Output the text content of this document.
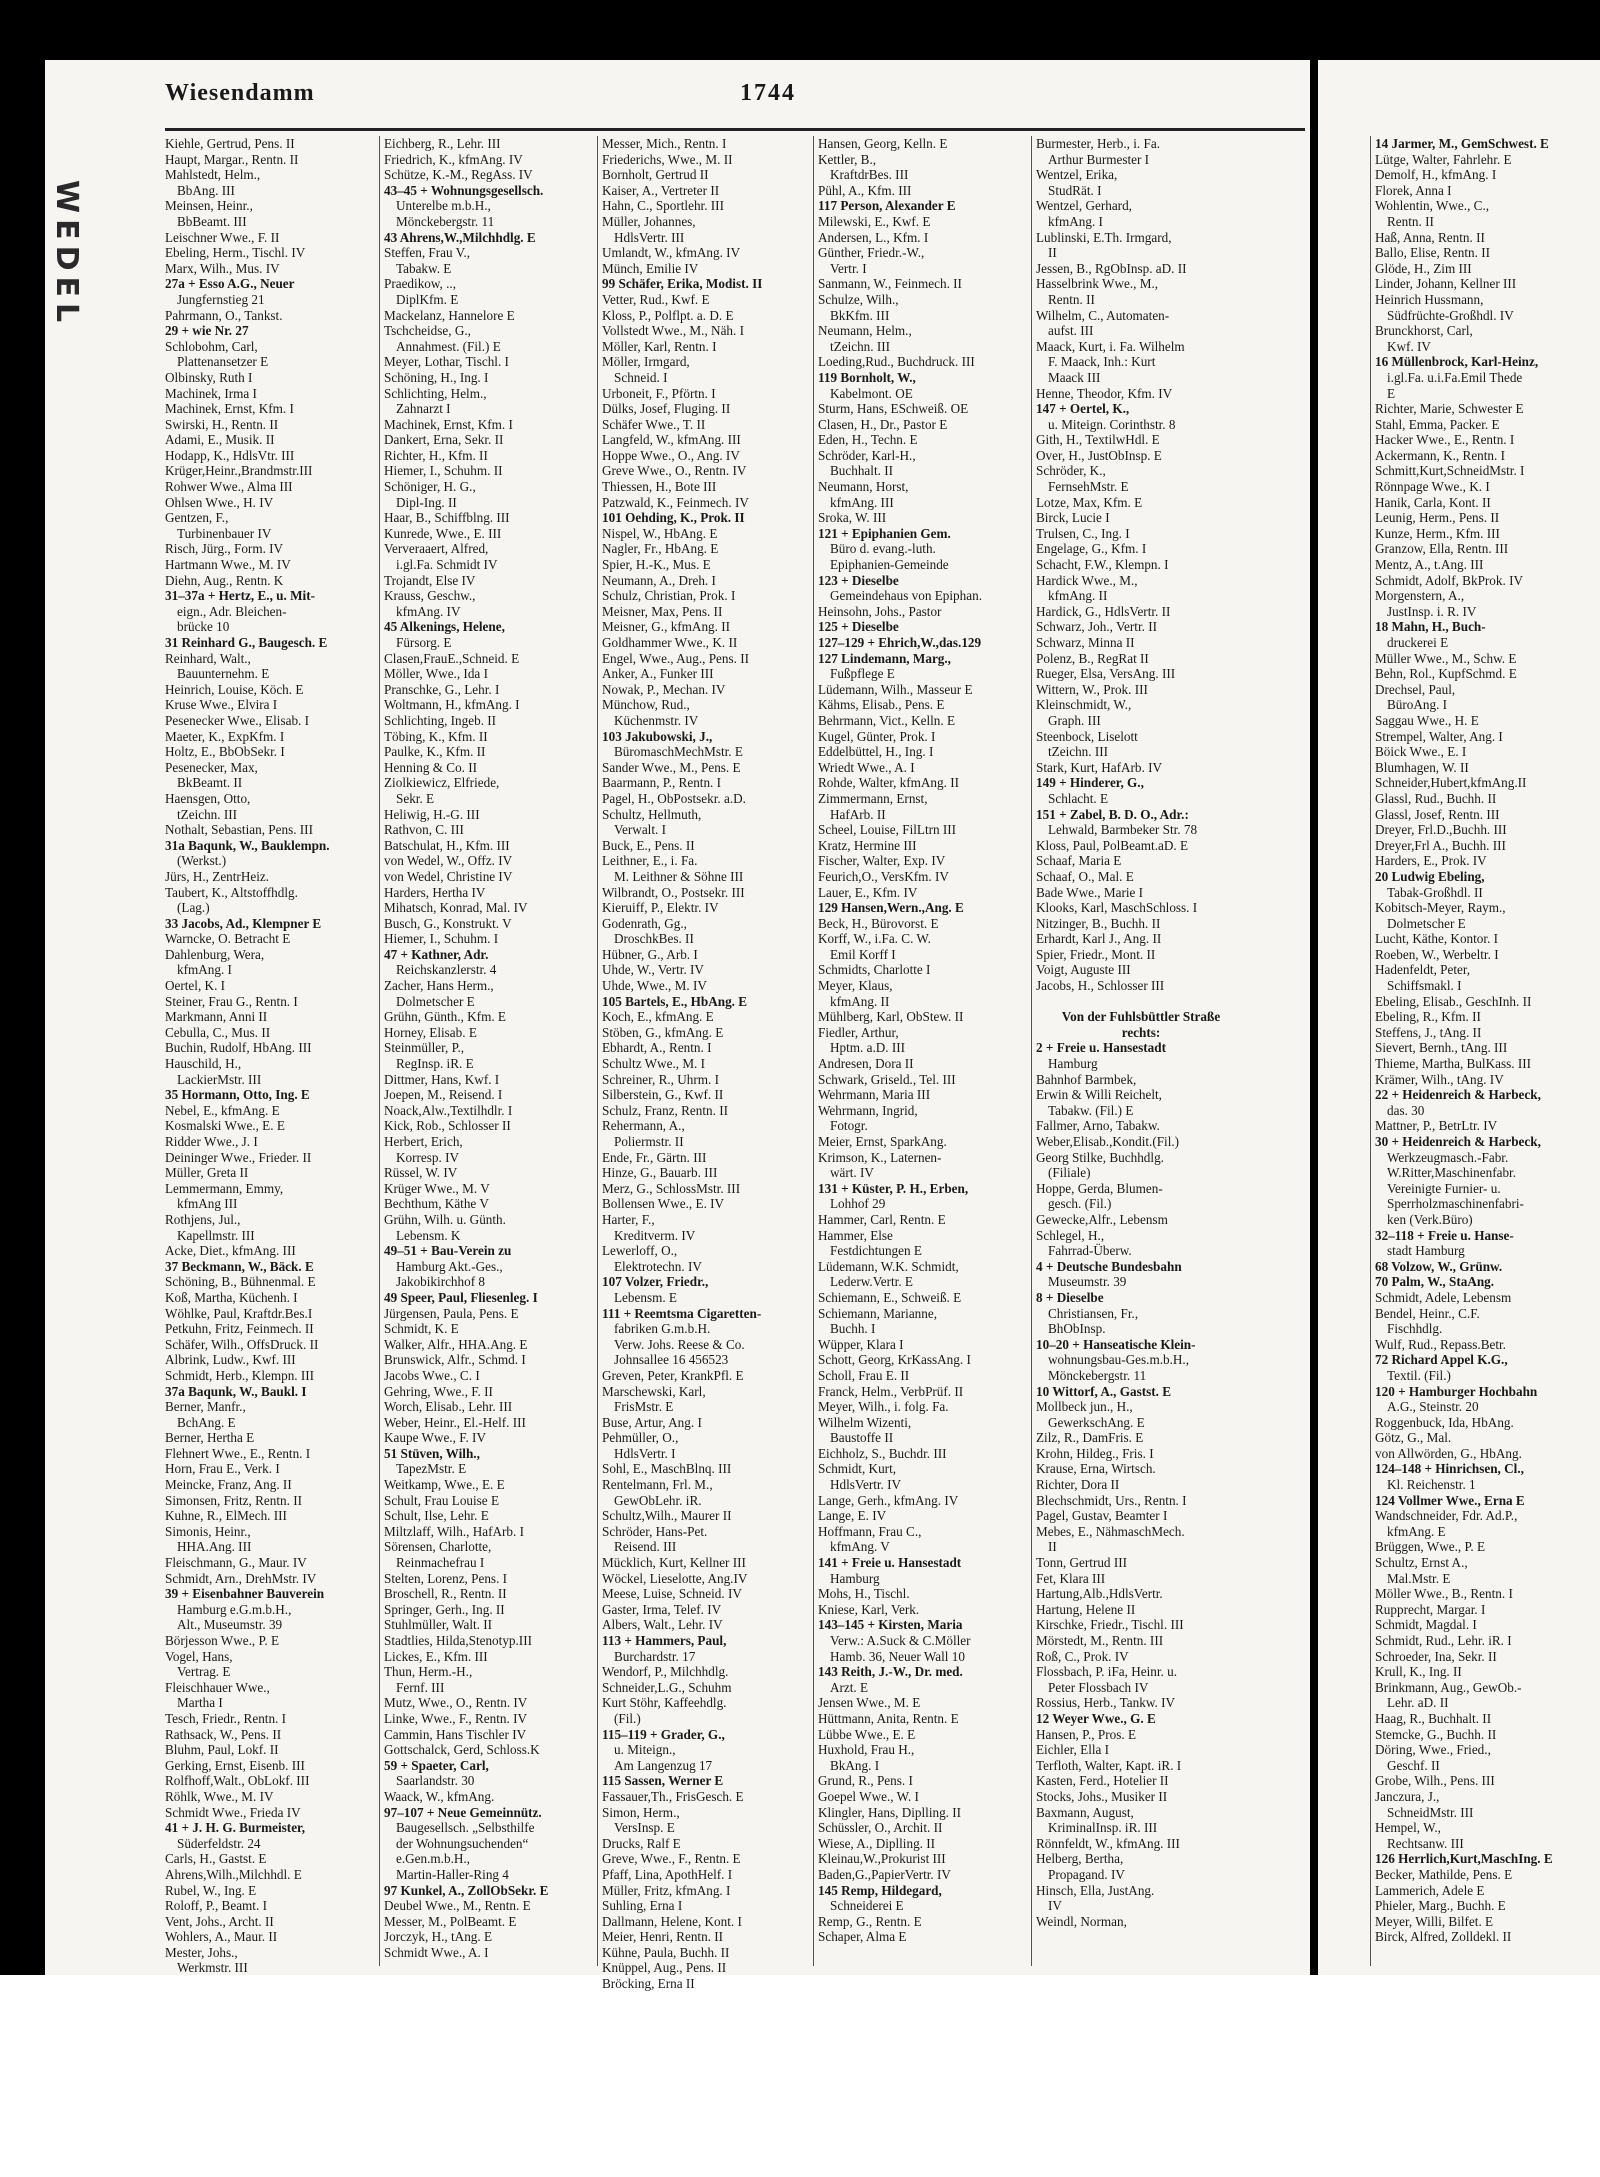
WEDEL
Wiesendamm	1744
Kiehle, Gertrud, Pens. II
Haupt, Margar., Rentn. II
Mahlstedt, Helm.,
BbAng. III
Meinsen, Heinr.,
BbBeamt. III
Leischner Wwe., F. II
Ebeling, Herm., Tischl. IV
Marx, Wilh., Mus. IV
27a + Esso A.G., Neuer
Jungfernstieg 21
Pahrmann, O., Tankst.
29 + wie Nr. 27
Schlobohm, Carl,
Plattenansetzer E
Olbinsky, Ruth I
Machinek, Irma I
Machinek, Ernst, Kfm. I
Swirski, H., Rentn. II
Adami, E., Musik. II
Hodapp, K., HdlsVtr. III
Krüger,Heinr.,Brandmstr.III
Rohwer Wwe., Alma III
Ohlsen Wwe., H. IV
Gentzen, F.,
Turbinenbauer IV
Risch, Jürg., Form. IV
Hartmann Wwe., M. IV
Diehn, Aug., Rentn. K
31–37a + Hertz, E., u. Mit-
eign., Adr. Bleichen-
brücke 10
31 Reinhard G., Baugesch. E
Reinhard, Walt.,
Bauunternehm. E
Heinrich, Louise, Köch. E
Kruse Wwe., Elvira I
Pesenecker Wwe., Elisab. I
Maeter, K., ExpKfm. I
Holtz, E., BbObSekr. I
Pesenecker, Max,
BkBeamt. II
Haensgen, Otto,
tZeichn. III
Nothalt, Sebastian, Pens. III
31a Baqunk, W., Bauklempn.
(Werkst.)
Jürs, H., ZentrHeiz.
Taubert, K., Altstoffhdlg.
(Lag.)
33 Jacobs, Ad., Klempner E
Warncke, O. Betracht E
Dahlenburg, Wera,
kfmAng. I
Oertel, K. I
Steiner, Frau G., Rentn. I
Markmann, Anni II
Cebulla, C., Mus. II
Buchin, Rudolf, HbAng. III
Hauschild, H.,
LackierMstr. III
35 Hormann, Otto, Ing. E
Nebel, E., kfmAng. E
Kosmalski Wwe., E. E
Ridder Wwe., J. I
Deininger Wwe., Frieder. II
Müller, Greta II
Lemmermann, Emmy,
kfmAng III
Rothjens, Jul.,
Kapellmstr. III
Acke, Diet., kfmAng. III
37 Beckmann, W., Bäck. E
Schöning, B., Bühnenmal. E
Koß, Martha, Küchenh. I
Wöhlke, Paul, Kraftdr.Bes.I
Petkuhn, Fritz, Feinmech. II
Schäfer, Wilh., OffsDruck. II
Albrink, Ludw., Kwf. III
Schmidt, Herb., Klempn. III
37a Baqunk, W., Baukl. I
Berner, Manfr.,
BchAng. E
Berner, Hertha E
Flehnert Wwe., E., Rentn. I
Horn, Frau E., Verk. I
Meincke, Franz, Ang. II
Simonsen, Fritz, Rentn. II
Kuhne, R., ElMech. III
Simonis, Heinr.,
HHA.Ang. III
Fleischmann, G., Maur. IV
Schmidt, Arn., DrehMstr. IV
39 + Eisenbahner Bauverein
Hamburg e.G.m.b.H.,
Alt., Museumstr. 39
Börjesson Wwe., P. E
Vogel, Hans,
Vertrag. E
Fleischhauer Wwe.,
Martha I
Tesch, Friedr., Rentn. I
Rathsack, W., Pens. II
Bluhm, Paul, Lokf. II
Gerking, Ernst, Eisenb. III
Rolfhoff,Walt., ObLokf. III
Röhlk, Wwe., M. IV
Schmidt Wwe., Frieda IV
41 + J. H. G. Burmeister,
Süderfeldstr. 24
Carls, H., Gastst. E
Ahrens,Wilh.,Milchhdl. E
Rubel, W., Ing. E
Roloff, P., Beamt. I
Vent, Johs., Archt. II
Wohlers, A., Maur. II
Mester, Johs.,
Werkmstr. III
Eichberg, R., Lehr. III
Friedrich, K., kfmAng. IV
Schütze, K.-M., RegAss. IV
43–45 + Wohnungsgesellsch.
Unterelbe m.b.H.,
Mönckebergstr. 11
43 Ahrens,W.,Milchhdlg. E
Steffen, Frau V.,
Tabakw. E
Praedikow, ..,
DiplKfm. E
Mackelanz, Hannelore E
Tschcheidse, G.,
Annahmest. (Fil.) E
Meyer, Lothar, Tischl. I
Schöning, H., Ing. I
Schlichting, Helm.,
Zahnarzt I
Machinek, Ernst, Kfm. I
Dankert, Erna, Sekr. II
Richter, H., Kfm. II
Hiemer, I., Schuhm. II
Schöniger, H. G.,
Dipl-Ing. II
Haar, B., Schiffblng. III
Kunrede, Wwe., E. III
Ververaaert, Alfred,
i.gl.Fa. Schmidt IV
Trojandt, Else IV
Krauss, Geschw.,
kfmAng. IV
45 Alkenings, Helene,
Fürsorg. E
Clasen,FrauE.,Schneid. E
Möller, Wwe., Ida I
Pranschke, G., Lehr. I
Woltmann, H., kfmAng. I
Schlichting, Ingeb. II
Töbing, K., Kfm. II
Paulke, K., Kfm. II
Henning & Co. II
Ziolkiewicz, Elfriede,
Sekr. E
Heliwig, H.-G. III
Rathvon, C. III
Batschulat, H., Kfm. III
von Wedel, W., Offz. IV
von Wedel, Christine IV
Harders, Hertha IV
Mihatsch, Konrad, Mal. IV
Busch, G., Konstrukt. V
Hiemer, I., Schuhm. I
47 + Kathner, Adr.
Reichskanzlerstr. 4
Zacher, Hans Herm.,
Dolmetscher E
Grühn, Günth., Kfm. E
Horney, Elisab. E
Steinmüller, P.,
RegInsp. iR. E
Dittmer, Hans, Kwf. I
Joepen, M., Reisend. I
Noack,Alw.,Textilhdlr. I
Kick, Rob., Schlosser II
Herbert, Erich,
Korresp. IV
Rüssel, W. IV
Krüger Wwe., M. V
Bechthum, Käthe V
Grühn, Wilh. u. Günth.
Lebensm. K
49–51 + Bau-Verein zu
Hamburg Akt.-Ges.,
Jakobikirchhof 8
49 Speer, Paul, Fliesenleg. I
Jürgensen, Paula, Pens. E
Schmidt, K. E
Walker, Alfr., HHA.Ang. E
Brunswick, Alfr., Schmd. I
Jacobs Wwe., C. I
Gehring, Wwe., F. II
Worch, Elisab., Lehr. III
Weber, Heinr., El.-Helf. III
Kaupe Wwe., F. IV
51 Stüven, Wilh.,
TapezMstr. E
Weitkamp, Wwe., E. E
Schult, Frau Louise E
Schult, Ilse, Lehr. E
Miltzlaff, Wilh., HafArb. I
Sörensen, Charlotte,
Reinmachefrau I
Stelten, Lorenz, Pens. I
Broschell, R., Rentn. II
Springer, Gerh., Ing. II
Stuhlmüller, Walt. II
Stadtlies, Hilda,Stenotyp.III
Lickes, E., Kfm. III
Thun, Herm.-H.,
Fernf. III
Mutz, Wwe., O., Rentn. IV
Linke, Wwe., F., Rentn. IV
Cammin, Hans Tischler IV
Gottschalck, Gerd, Schloss.K
59 + Spaeter, Carl,
Saarlandstr. 30
Waack, W., kfmAng.
97–107 + Neue Gemeinnütz.
Baugesellsch. „Selbsthilfe
der Wohnungsuchenden“
e.Gen.m.b.H.,
Martin-Haller-Ring 4
97 Kunkel, A., ZollObSekr. E
Deubel Wwe., M., Rentn. E
Messer, M., PolBeamt. E
Jorczyk, H., tAng. E
Schmidt Wwe., A. I
Messer, Mich., Rentn. I
Friederichs, Wwe., M. II
Bornholt, Gertrud II
Kaiser, A., Vertreter II
Hahn, C., Sportlehr. III
Müller, Johannes,
HdlsVertr. III
Umlandt, W., kfmAng. IV
Münch, Emilie IV
99 Schäfer, Erika, Modist. II
Vetter, Rud., Kwf. E
Kloss, P., Polflpt. a. D. E
Vollstedt Wwe., M., Näh. I
Möller, Karl, Rentn. I
Möller, Irmgard,
Schneid. I
Urboneit, F., Pförtn. I
Dülks, Josef, Fluging. II
Schäfer Wwe., T. II
Langfeld, W., kfmAng. III
Hoppe Wwe., O., Ang. IV
Greve Wwe., O., Rentn. IV
Thiessen, H., Bote III
Patzwald, K., Feinmech. IV
101 Oehding, K., Prok. II
Nispel, W., HbAng. E
Nagler, Fr., HbAng. E
Spier, H.-K., Mus. E
Neumann, A., Dreh. I
Schulz, Christian, Prok. I
Meisner, Max, Pens. II
Meisner, G., kfmAng. II
Goldhammer Wwe., K. II
Engel, Wwe., Aug., Pens. II
Anker, A., Funker III
Nowak, P., Mechan. IV
Münchow, Rud.,
Küchenmstr. IV
103 Jakubowski, J.,
BüromaschMechMstr. E
Sander Wwe., M., Pens. E
Baarmann, P., Rentn. I
Pagel, H., ObPostsekr. a.D.
Schultz, Hellmuth,
Verwalt. I
Buck, E., Pens. II
Leithner, E., i. Fa.
M. Leithner & Söhne III
Wilbrandt, O., Postsekr. III
Kieruiff, P., Elektr. IV
Godenrath, Gg.,
DroschkBes. II
Hübner, G., Arb. I
Uhde, W., Vertr. IV
Uhde, Wwe., M. IV
105 Bartels, E., HbAng. E
Koch, E., kfmAng. E
Stöben, G., kfmAng. E
Ebhardt, A., Rentn. I
Schultz Wwe., M. I
Schreiner, R., Uhrm. I
Silberstein, G., Kwf. II
Schulz, Franz, Rentn. II
Rehermann, A.,
Poliermstr. II
Ende, Fr., Gärtn. III
Hinze, G., Bauarb. III
Merz, G., SchlossMstr. III
Bollensen Wwe., E. IV
Harter, F.,
Kreditverm. IV
Lewerloff, O.,
Elektrotechn. IV
107 Volzer, Friedr.,
Lebensm. E
111 + Reemtsma Cigaretten-
fabriken G.m.b.H.
Verw. Johs. Reese & Co.
Johnsallee 16 456523
Greven, Peter, KrankPfl. E
Marschewski, Karl,
FrisMstr. E
Buse, Artur, Ang. I
Pehmüller, O.,
HdlsVertr. I
Sohl, E., MaschBlnq. III
Rentelmann, Frl. M.,
GewObLehr. iR.
Schultz,Wilh., Maurer II
Schröder, Hans-Pet.
Reisend. III
Mücklich, Kurt, Kellner III
Wöckel, Lieselotte, Ang.IV
Meese, Luise, Schneid. IV
Gaster, Irma, Telef. IV
Albers, Walt., Lehr. IV
113 + Hammers, Paul,
Burchardstr. 17
Wendorf, P., Milchhdlg.
Schneider,L.G., Schuhm
Kurt Stöhr, Kaffeehdlg.
(Fil.)
115–119 + Grader, G.,
u. Miteign.,
Am Langenzug 17
115 Sassen, Werner E
Fassauer,Th., FrisGesch. E
Simon, Herm.,
VersInsp. E
Drucks, Ralf E
Greve, Wwe., F., Rentn. E
Pfaff, Lina, ApothHelf. I
Müller, Fritz, kfmAng. I
Suhling, Erna I
Dallmann, Helene, Kont. I
Meier, Henri, Rentn. II
Kühne, Paula, Buchh. II
Knüppel, Aug., Pens. II
Bröcking, Erna II
Hansen, Georg, Kelln. E
Kettler, B.,
KraftdrBes. III
Pühl, A., Kfm. III
117 Person, Alexander E
Milewski, E., Kwf. E
Andersen, L., Kfm. I
Günther, Friedr.-W.,
Vertr. I
Sanmann, W., Feinmech. II
Schulze, Wilh.,
BkKfm. III
Neumann, Helm.,
tZeichn. III
Loeding,Rud., Buchdruck. III
119 Bornholt, W.,
Kabelmont. OE
Sturm, Hans, ESchweiß. OE
Clasen, H., Dr., Pastor E
Eden, H., Techn. E
Schröder, Karl-H.,
Buchhalt. II
Neumann, Horst,
kfmAng. III
Sroka, W. III
121 + Epiphanien Gem.
Büro d. evang.-luth.
Epiphanien-Gemeinde
123 + Dieselbe
Gemeindehaus von Epiphan.
Heinsohn, Johs., Pastor
125 + Dieselbe
127–129 + Ehrich,W.,das.129
127 Lindemann, Marg.,
Fußpflege E
Lüdemann, Wilh., Masseur E
Kähms, Elisab., Pens. E
Behrmann, Vict., Kelln. E
Kugel, Günter, Prok. I
Eddelbüttel, H., Ing. I
Wriedt Wwe., A. I
Rohde, Walter, kfmAng. II
Zimmermann, Ernst,
HafArb. II
Scheel, Louise, FilLtrn III
Kratz, Hermine III
Fischer, Walter, Exp. IV
Feurich,O., VersKfm. IV
Lauer, E., Kfm. IV
129 Hansen,Wern.,Ang. E
Beck, H., Bürovorst. E
Korff, W., i.Fa. C. W.
Emil Korff I
Schmidts, Charlotte I
Meyer, Klaus,
kfmAng. II
Mühlberg, Karl, ObStew. II
Fiedler, Arthur,
Hptm. a.D. III
Andresen, Dora II
Schwark, Griseld., Tel. III
Wehrmann, Maria III
Wehrmann, Ingrid,
Fotogr.
Meier, Ernst, SparkAng.
Krimson, K., Laternen-
wärt. IV
131 + Küster, P. H., Erben,
Lohhof 29
Hammer, Carl, Rentn. E
Hammer, Else
Festdichtungen E
Lüdemann, W.K. Schmidt,
Lederw.Vertr. E
Schiemann, E., Schweiß. E
Schiemann, Marianne,
Buchh. I
Wüpper, Klara I
Schott, Georg, KrKassAng. I
Scholl, Frau E. II
Franck, Helm., VerbPrüf. II
Meyer, Wilh., i. folg. Fa.
Wilhelm Wizenti,
Baustoffe II
Eichholz, S., Buchdr. III
Schmidt, Kurt,
HdlsVertr. IV
Lange, Gerh., kfmAng. IV
Lange, E. IV
Hoffmann, Frau C.,
kfmAng. V
141 + Freie u. Hansestadt
Hamburg
Mohs, H., Tischl.
Kniese, Karl, Verk.
143–145 + Kirsten, Maria
Verw.: A.Suck & C.Möller
Hamb. 36, Neuer Wall 10
143 Reith, J.-W., Dr. med.
Arzt. E
Jensen Wwe., M. E
Hüttmann, Anita, Rentn. E
Lübbe Wwe., E. E
Huxhold, Frau H.,
BkAng. I
Grund, R., Pens. I
Goepel Wwe., W. I
Klingler, Hans, Diplling. II
Schüssler, O., Archit. II
Wiese, A., Diplling. II
Kleinau,W.,Prokurist III
Baden,G.,PapierVertr. IV
145 Remp, Hildegard,
Schneiderei E
Remp, G., Rentn. E
Schaper, Alma E
Burmester, Herb., i. Fa.
Arthur Burmester I
Wentzel, Erika,
StudRät. I
Wentzel, Gerhard,
kfmAng. I
Lublinski, E.Th. Irmgard,
II
Jessen, B., RgObInsp. aD. II
Hasselbrink Wwe., M.,
Rentn. II
Wilhelm, C., Automaten-
aufst. III
Maack, Kurt, i. Fa. Wilhelm
F. Maack, Inh.: Kurt
Maack III
Henne, Theodor, Kfm. IV
147 + Oertel, K.,
u. Miteign. Corinthstr. 8
Gith, H., TextilwHdl. E
Over, H., JustObInsp. E
Schröder, K.,
FernsehMstr. E
Lotze, Max, Kfm. E
Birck, Lucie I
Trulsen, C., Ing. I
Engelage, G., Kfm. I
Schacht, F.W., Klempn. I
Hardick Wwe., M.,
kfmAng. II
Hardick, G., HdlsVertr. II
Schwarz, Joh., Vertr. II
Schwarz, Minna II
Polenz, B., RegRat II
Rueger, Elsa, VersAng. III
Wittern, W., Prok. III
Kleinschmidt, W.,
Graph. III
Steenbock, Liselott
tZeichn. III
Stark, Kurt, HafArb. IV
149 + Hinderer, G.,
Schlacht. E
151 + Zabel, B. D. O., Adr.:
Lehwald, Barmbeker Str. 78
Kloss, Paul, PolBeamt.aD. E
Schaaf, Maria E
Schaaf, O., Mal. E
Bade Wwe., Marie I
Klooks, Karl, MaschSchloss. I
Nitzinger, B., Buchh. II
Erhardt, Karl J., Ang. II
Spier, Friedr., Mont. II
Voigt, Auguste III
Jacobs, H., Schlosser III

Von der Fuhlsbüttler Straße
rechts:
2 + Freie u. Hansestadt
Hamburg
Bahnhof Barmbek,
Erwin & Willi Reichelt,
Tabakw. (Fil.) E
Fallmer, Arno, Tabakw.
Weber,Elisab.,Kondit.(Fil.)
Georg Stilke, Buchhdlg.
(Filiale)
Hoppe, Gerda, Blumen-
gesch. (Fil.)
Gewecke,Alfr., Lebensm
Schlegel, H.,
Fahrrad-Überw.
4 + Deutsche Bundesbahn
Museumstr. 39
8 + Dieselbe
Christiansen, Fr.,
BhObInsp.
10–20 + Hanseatische Klein-
wohnungsbau-Ges.m.b.H.,
Mönckebergstr. 11
10 Wittorf, A., Gastst. E
Mollbeck jun., H.,
GewerkschAng. E
Zilz, R., DamFris. E
Krohn, Hildeg., Fris. I
Krause, Erna, Wirtsch.
Richter, Dora II
Blechschmidt, Urs., Rentn. I
Pagel, Gustav, Beamter I
Mebes, E., NähmaschMech.
II
Tonn, Gertrud III
Fet, Klara III
Hartung,Alb.,HdlsVertr.
Hartung, Helene II
Kirschke, Friedr., Tischl. III
Mörstedt, M., Rentn. III
Roß, C., Prok. IV
Flossbach, P. iFa, Heinr. u.
Peter Flossbach IV
Rossius, Herb., Tankw. IV
12 Weyer Wwe., G. E
Hansen, P., Pros. E
Eichler, Ella I
Terfloth, Walter, Kapt. iR. I
Kasten, Ferd., Hotelier II
Stocks, Johs., Musiker II
Baxmann, August,
KriminalInsp. iR. III
Rönnfeldt, W., kfmAng. III
Helberg, Bertha,
Propagand. IV
Hinsch, Ella, JustAng.
IV
Weindl, Norman,
14 Jarmer, M., GemSchwest. E
Lütge, Walter, Fahrlehr. E
Demolf, H., kfmAng. I
Florek, Anna I
Wohlentin, Wwe., C.,
Rentn. II
Haß, Anna, Rentn. II
Ballo, Elise, Rentn. II
Glöde, H., Zim III
Linder, Johann, Kellner III
Heinrich Hussmann,
Südfrüchte-Großhdl. IV
Brunckhorst, Carl,
Kwf. IV
16 Müllenbrock, Karl-Heinz,
i.gl.Fa. u.i.Fa.Emil Thede
E
Richter, Marie, Schwester E
Stahl, Emma, Packer. E
Hacker Wwe., E., Rentn. I
Ackermann, K., Rentn. I
Schmitt,Kurt,SchneidMstr. I
Rönnpage Wwe., K. I
Hanik, Carla, Kont. II
Leunig, Herm., Pens. II
Kunze, Herm., Kfm. III
Granzow, Ella, Rentn. III
Mentz, A., t.Ang. III
Schmidt, Adolf, BkProk. IV
Morgenstern, A.,
JustInsp. i. R. IV
18 Mahn, H., Buch-
druckerei E
Müller Wwe., M., Schw. E
Behn, Rol., KupfSchmd. E
Drechsel, Paul,
BüroAng. I
Saggau Wwe., H. E
Strempel, Walter, Ang. I
Böick Wwe., E. I
Blumhagen, W. II
Schneider,Hubert,kfmAng.II
Glassl, Rud., Buchh. II
Glassl, Josef, Rentn. III
Dreyer, Frl.D.,Buchh. III
Dreyer,Frl A., Buchh. III
Harders, E., Prok. IV
20 Ludwig Ebeling,
Tabak-Großhdl. II
Kobitsch-Meyer, Raym.,
Dolmetscher E
Lucht, Käthe, Kontor. I
Roeben, W., Werbeltr. I
Hadenfeldt, Peter,
Schiffsmakl. I
Ebeling, Elisab., GeschInh. II
Ebeling, R., Kfm. II
Steffens, J., tAng. II
Sievert, Bernh., tAng. III
Thieme, Martha, BulKass. III
Krämer, Wilh., tAng. IV
22 + Heidenreich & Harbeck,
das. 30
Mattner, P., BetrLtr. IV
30 + Heidenreich & Harbeck,
Werkzeugmasch.-Fabr.
W.Ritter,Maschinenfabr.
Vereinigte Furnier- u.
Sperrholzmaschinenfabri-
ken (Verk.Büro)
32–118 + Freie u. Hanse-
stadt Hamburg
68 Volzow, W., Grünw.
70 Palm, W., StaAng.
Schmidt, Adele, Lebensm
Bendel, Heinr., C.F.
Fischhdlg.
Wulf, Rud., Repass.Betr.
72 Richard Appel K.G.,
Textil. (Fil.)
120 + Hamburger Hochbahn
A.G., Steinstr. 20
Roggenbuck, Ida, HbAng.
Götz, G., Mal.
von Allwörden, G., HbAng.
124–148 + Hinrichsen, Cl.,
Kl. Reichenstr. 1
124 Vollmer Wwe., Erna E
Wandschneider, Fdr. Ad.P.,
kfmAng. E
Brüggen, Wwe., P. E
Schultz, Ernst A.,
Mal.Mstr. E
Möller Wwe., B., Rentn. I
Rupprecht, Margar. I
Schmidt, Magdal. I
Schmidt, Rud., Lehr. iR. I
Schroeder, Ina, Sekr. II
Krull, K., Ing. II
Brinkmann, Aug., GewOb.-
Lehr. aD. II
Haag, R., Buchhalt. II
Stemcke, G., Buchh. II
Döring, Wwe., Fried.,
Geschf. II
Grobe, Wilh., Pens. III
Janczura, J.,
SchneidMstr. III
Hempel, W.,
Rechtsanw. III
126 Herrlich,Kurt,MaschIng. E
Becker, Mathilde, Pens. E
Lammerich, Adele E
Phieler, Marg., Buchh. E
Meyer, Willi, Bilfet. E
Birck, Alfred, Zolldekl. II
